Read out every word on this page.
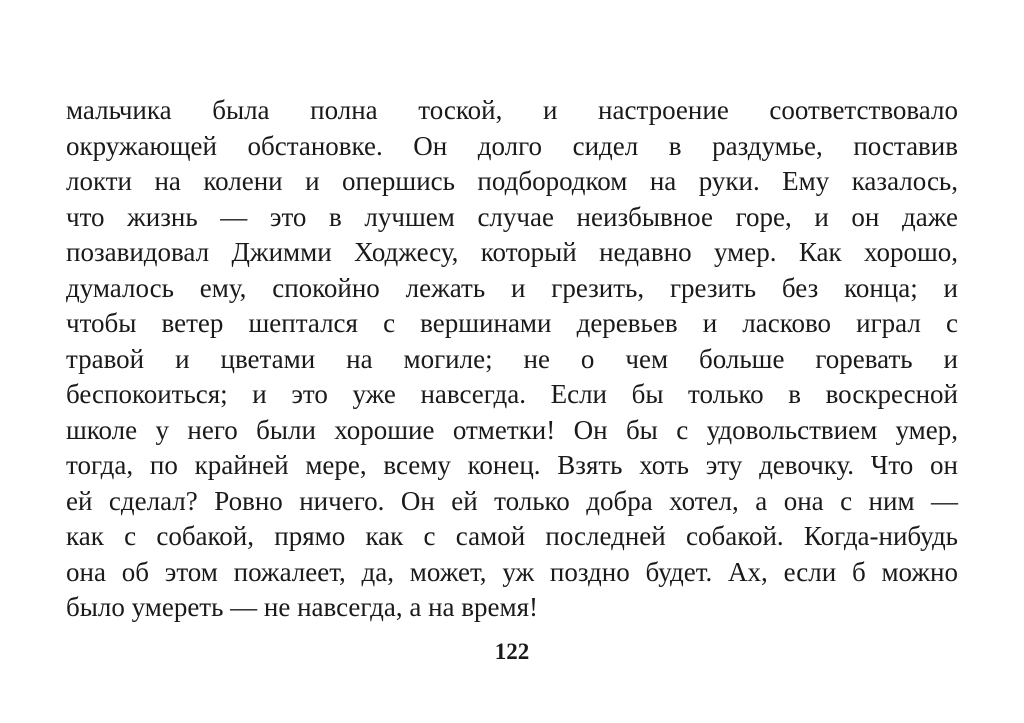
мальчика была полна тоской, и настроение соответствовало
окружающей обстановке. Он долго сидел в раздумье, поставив
локти на колени и опершись подбородком на руки. Ему казалось,
что жизнь — это в лучшем случае неизбывное горе, и он даже
позавидовал Джимми Ходжесу, который недавно умер. Как хорошо,
думалось ему, спокойно лежать и грезить, грезить без конца; и
чтобы ветер шептался с вершинами деревьев и ласково играл с
травой и цветами на могиле; не о чем больше горевать и
беспокоиться; и это уже навсегда. Если бы только в воскресной
школе у него были хорошие отметки! Он бы с удовольствием умер,
тогда, по крайней мере, всему конец. Взять хоть эту девочку. Что он
ей сделал? Ровно ничего. Он ей только добра хотел, а она с ним —
как с собакой, прямо как с самой последней собакой. Когда-нибудь
она об этом пожалеет, да, может, уж поздно будет. Ах, если б можно
было умереть — не навсегда, а на время!
122
